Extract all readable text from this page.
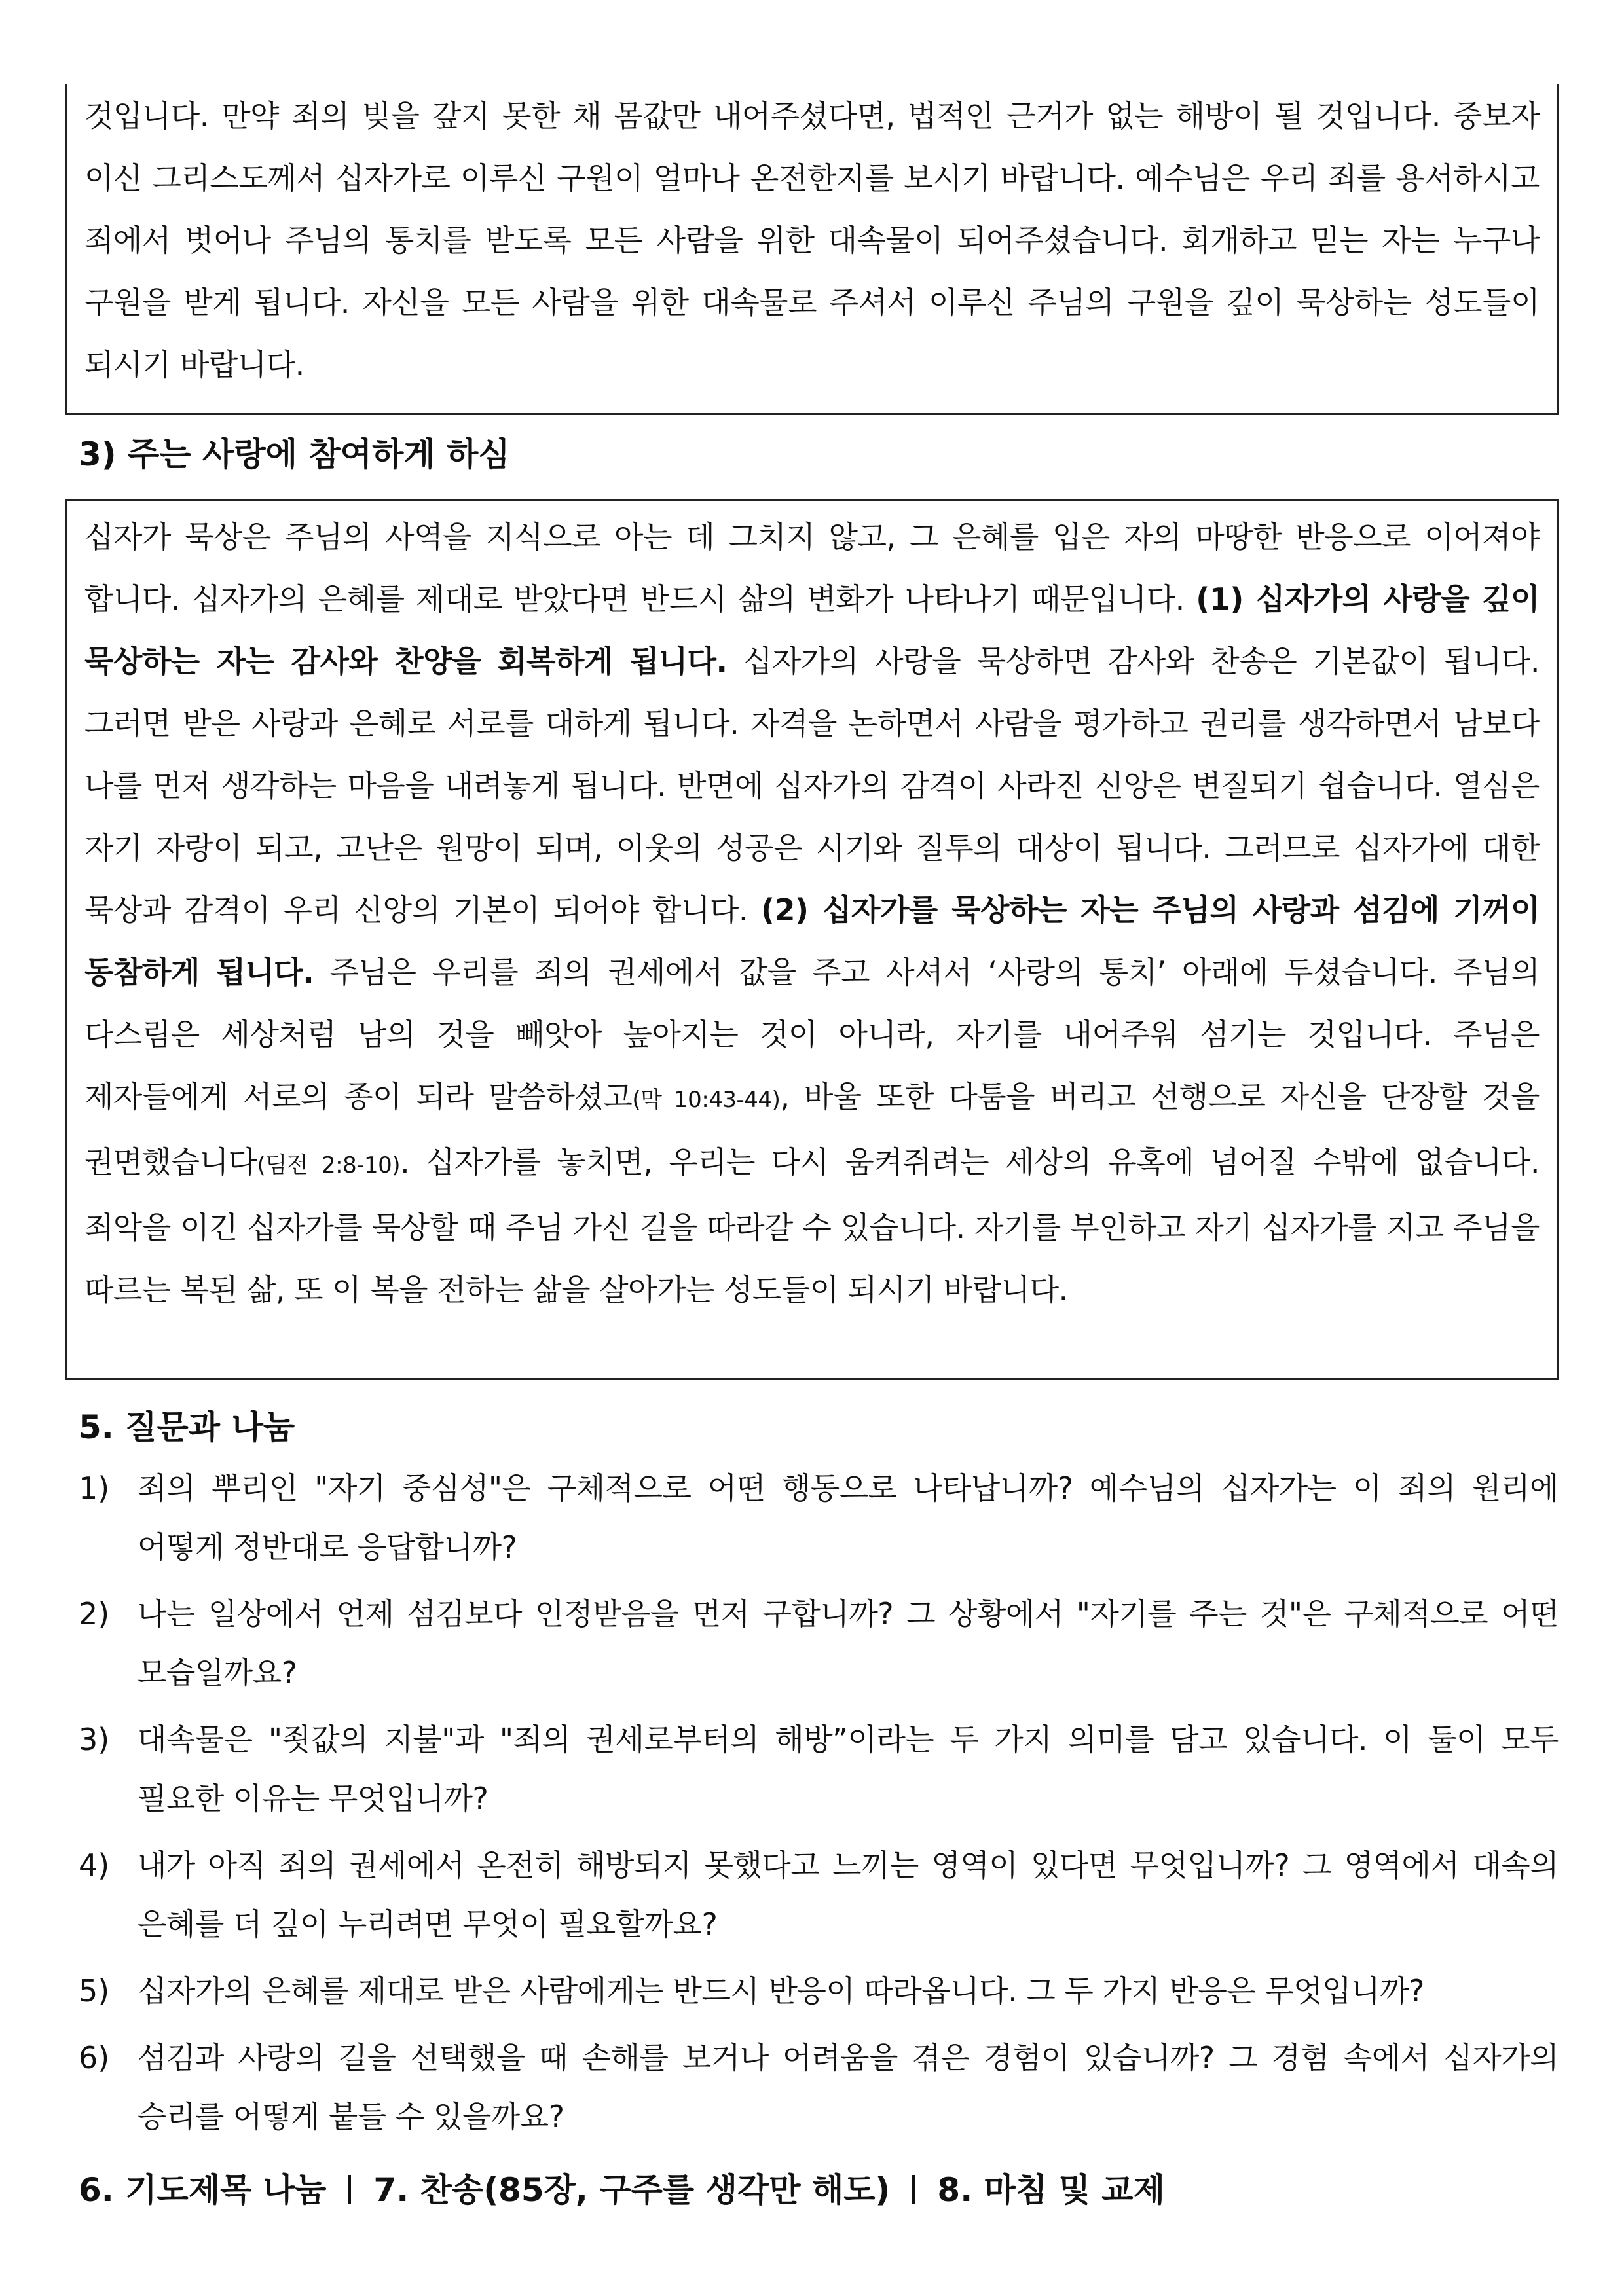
것입니다. 만약 죄의 빚을 갚지 못한 채 몸값만 내어주셨다면, 법적인 근거가 없는 해방이 될 것입니다. 중보자 이신 그리스도께서 십자가로 이루신 구원이 얼마나 온전한지를 보시기 바랍니다. 예수님은 우리 죄를 용서하시고 죄에서 벗어나 주님의 통치를 받도록 모든 사람을 위한 대속물이 되어주셨습니다. 회개하고 믿는 자는 누구나 구원을 받게 됩니다. 자신을 모든 사람을 위한 대속물로 주셔서 이루신 주님의 구원을 깊이 묵상하는 성도들이 되시기 바랍니다.

3) 주는 사랑에 참여하게 하심

십자가 묵상은 주님의 사역을 지식으로 아는 데 그치지 않고, 그 은혜를 입은 자의 마땅한 반응으로 이어져야 합니다. 십자가의 은혜를 제대로 받았다면 반드시 삶의 변화가 나타나기 때문입니다. (1) 십자가의 사랑을 깊이 묵상하는 자는 감사와 찬양을 회복하게 됩니다. 십자가의 사랑을 묵상하면 감사와 찬송은 기본값이 됩니다. 그러면 받은 사랑과 은혜로 서로를 대하게 됩니다. 자격을 논하면서 사람을 평가하고 권리를 생각하면서 남보다 나를 먼저 생각하는 마음을 내려놓게 됩니다. 반면에 십자가의 감격이 사라진 신앙은 변질되기 쉽습니다. 열심은 자기 자랑이 되고, 고난은 원망이 되며, 이웃의 성공은 시기와 질투의 대상이 됩니다. 그러므로 십자가에 대한 묵상과 감격이 우리 신앙의 기본이 되어야 합니다. (2) 십자가를 묵상하는 자는 주님의 사랑과 섬김에 기꺼이 동참하게 됩니다. 주님은 우리를 죄의 권세에서 값을 주고 사셔서 ‘사랑의 통치’ 아래에 두셨습니다. 주님의 다스림은 세상처럼 남의 것을 빼앗아 높아지는 것이 아니라, 자기를 내어주워 섬기는 것입니다. 주님은 제자들에게 서로의 종이 되라 말씀하셨고(막 10:43-44), 바울 또한 다툼을 버리고 선행으로 자신을 단장할 것을 권면했습니다(딤전 2:8-10). 십자가를 놓치면, 우리는 다시 움켜쥐려는 세상의 유혹에 넘어질 수밖에 없습니다. 죄악을 이긴 십자가를 묵상할 때 주님 가신 길을 따라갈 수 있습니다. 자기를 부인하고 자기 십자가를 지고 주님을 따르는 복된 삶, 또 이 복을 전하는 삶을 살아가는 성도들이 되시기 바랍니다.

5. 질문과 나눔
1) 죄의 뿌리인 "자기 중심성"은 구체적으로 어떤 행동으로 나타납니까? 예수님의 십자가는 이 죄의 원리에 어떻게 정반대로 응답합니까?
2) 나는 일상에서 언제 섬김보다 인정받음을 먼저 구합니까? 그 상황에서 "자기를 주는 것"은 구체적으로 어떤 모습일까요?
3) 대속물은 "죗값의 지불"과 "죄의 권세로부터의 해방”이라는 두 가지 의미를 담고 있습니다. 이 둘이 모두 필요한 이유는 무엇입니까?
4) 내가 아직 죄의 권세에서 온전히 해방되지 못했다고 느끼는 영역이 있다면 무엇입니까? 그 영역에서 대속의 은혜를 더 깊이 누리려면 무엇이 필요할까요?
5) 십자가의 은혜를 제대로 받은 사람에게는 반드시 반응이 따라옵니다. 그 두 가지 반응은 무엇입니까?
6) 섬김과 사랑의 길을 선택했을 때 손해를 보거나 어려움을 겪은 경험이 있습니까? 그 경험 속에서 십자가의 승리를 어떻게 붙들 수 있을까요?
6. 기도제목 나눔 7. 찬송(85장, 구주를 생각만 해도) 8. 마침 및 교제
